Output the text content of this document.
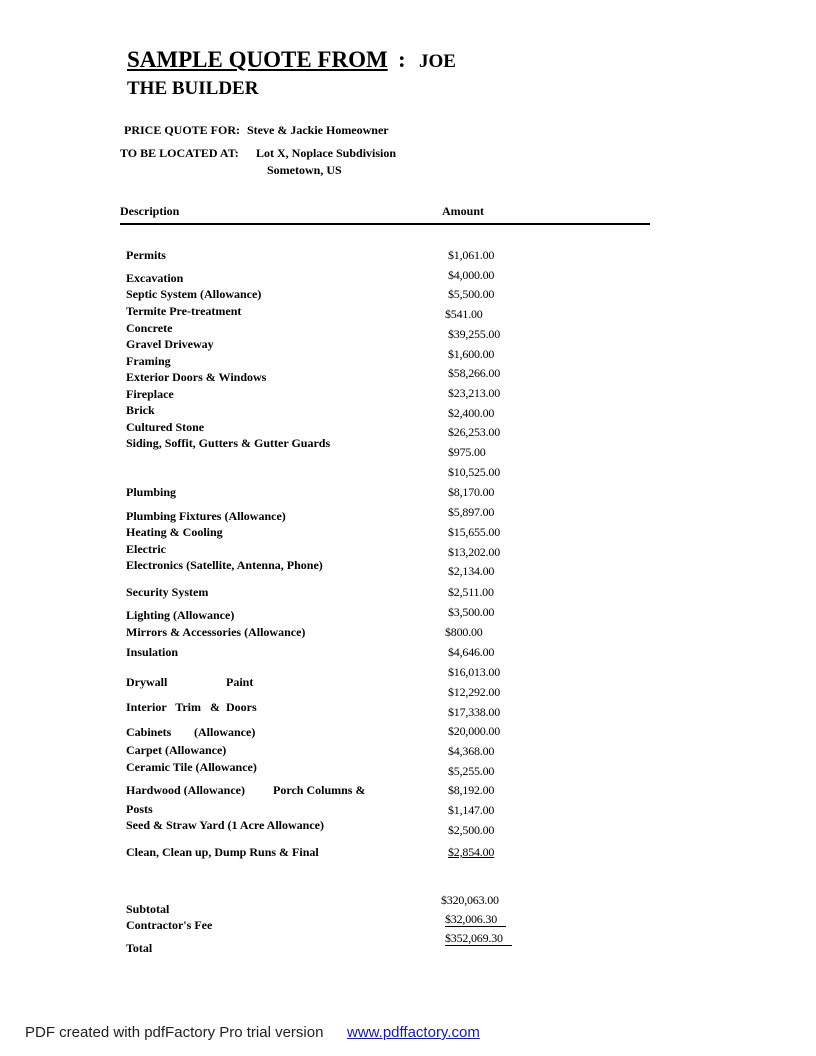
SAMPLE QUOTE FROM : JOE
THE BUILDER
PRICE QUOTE FOR: Steve & Jackie Homeowner
TO BE LOCATED AT: Lot X, Noplace Subdivision
Sometown, US
Description	Amount
Permits
Excavation
Septic System (Allowance)
Termite Pre-treatment
Concrete
Gravel Driveway
Framing
Exterior Doors & Windows
Fireplace
Brick
Cultured Stone
Siding, Soffit, Gutters & Gutter Guards
Plumbing
Plumbing Fixtures (Allowance)
Heating & Cooling
Electric
Electronics (Satellite, Antenna, Phone)
Security System
Lighting (Allowance)
Mirrors & Accessories (Allowance)
Insulation
Drywall	Paint
Interior   Trim   &  Doors
Cabinets (Allowance)
Carpet (Allowance)
Ceramic Tile (Allowance)
Hardwood (Allowance) Porch Columns &
Posts
Seed & Straw Yard (1 Acre Allowance)
Clean, Clean up, Dump Runs & Final
$1,061.00
$4,000.00
$5,500.00
$541.00
$39,255.00
$1,600.00
$58,266.00
$23,213.00
$2,400.00
$26,253.00
$975.00
$10,525.00
$8,170.00
$5,897.00
$15,655.00
$13,202.00
$2,134.00
$2,511.00
$3,500.00
$800.00
$4,646.00
$16,013.00
$12,292.00
$17,338.00
$20,000.00
$4,368.00
$5,255.00
$8,192.00
$1,147.00
$2,500.00
$2,854.00
Subtotal
Contractor's Fee
Total
$320,063.00
$32,006.30
$352,069.30
PDF created with pdfFactory Pro trial version www.pdffactory.com
